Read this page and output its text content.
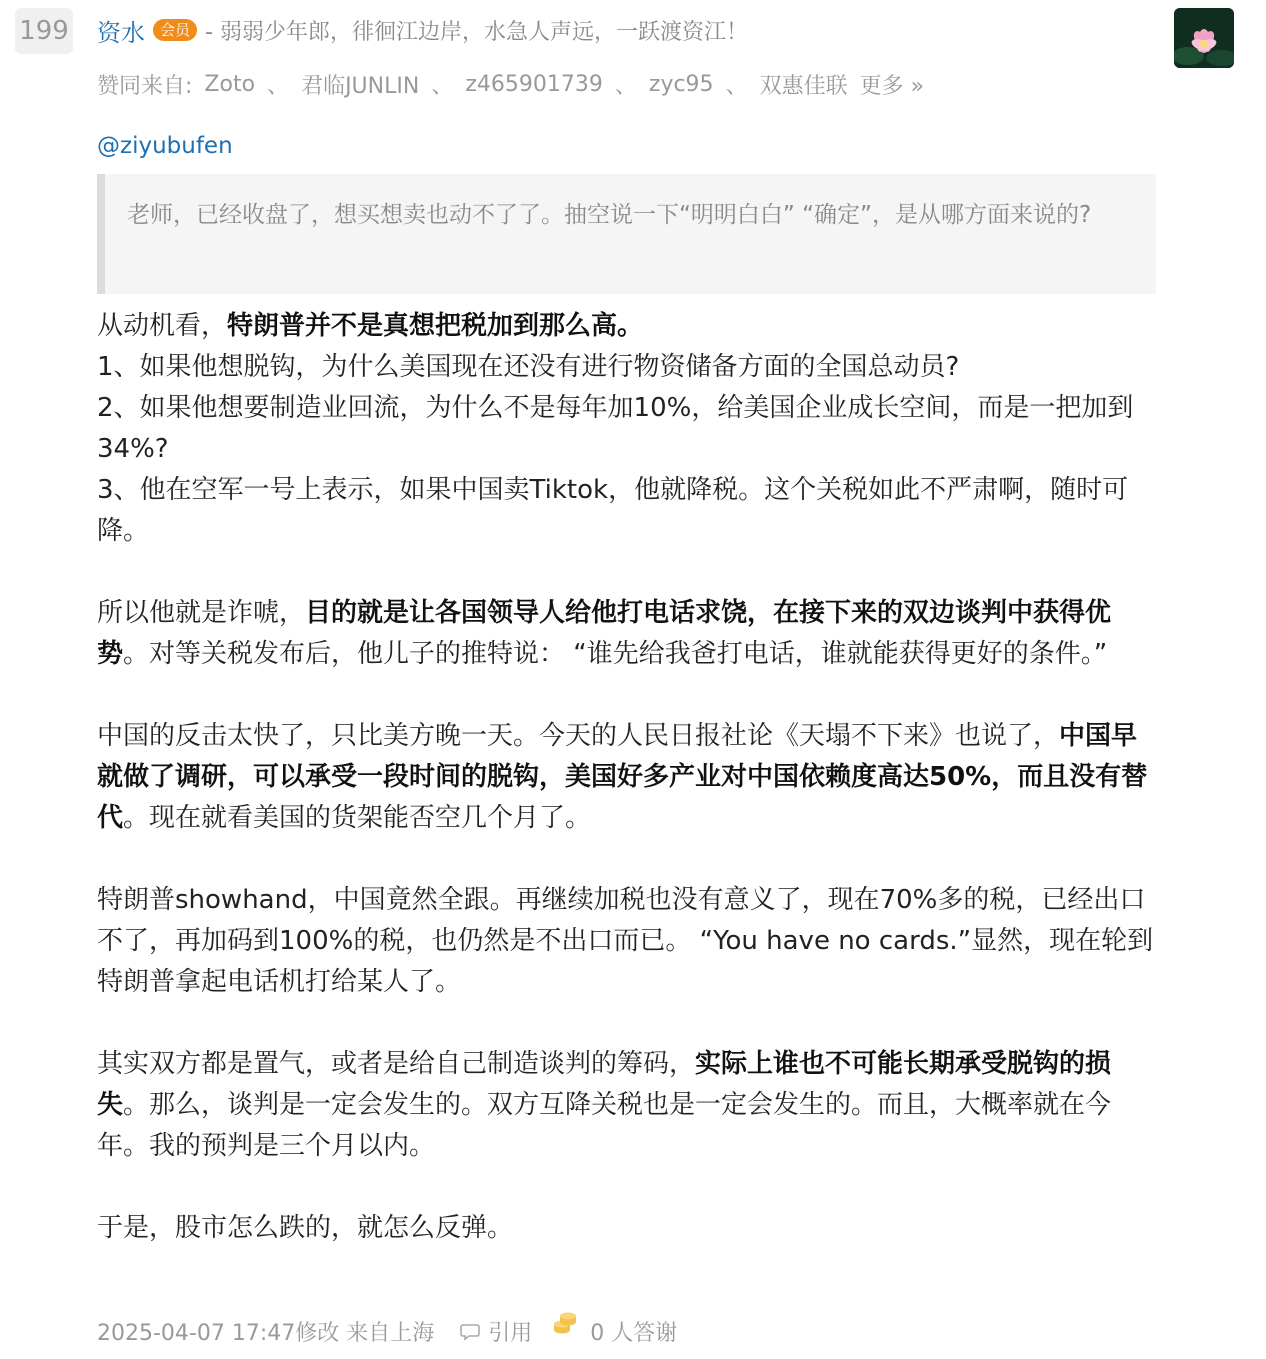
199 资水	会员 - 弱弱少年郎，徘徊江边岸，水急人声远，一跃渡资江！
赞同来自: Zoto 、 君临JUNLIN 、 z465901739 、 zyc95 、 双惠佳联 更多 »
@ziyubufen
老师，已经收盘了，想买想卖也动不了了。抽空说一下“明明白白” “确定”，是从哪方面来说的?

从动机看，特朗普并不是真想把税加到那么高。

1、如果他想脱钩，为什么美国现在还没有进行物资储备方面的全国总动员?

2、如果他想要制造业回流，为什么不是每年加10%，给美国企业成长空间，而是一把加到34%?

3、他在空军一号上表示，如果中国卖Tiktok，他就降税。这个关税如此不严肃啊，随时可降。

所以他就是诈唬，目的就是让各国领导人给他打电话求饶，在接下来的双边谈判中获得优势。对等关税发布后，他儿子的推特说： “谁先给我爸打电话，谁就能获得更好的条件。”

中国的反击太快了，只比美方晚一天。今天的人民日报社论《天塌不下来》也说了，中国早就做了调研，可以承受一段时间的脱钩，美国好多产业对中国依赖度高达50%，而且没有替代。现在就看美国的货架能否空几个月了。

特朗普showhand，中国竟然全跟。再继续加税也没有意义了，现在70%多的税，已经出口不了，再加码到100%的税，也仍然是不出口而已。 “You have no cards.”显然，现在轮到特朗普拿起电话机打给某人了。

其实双方都是置气，或者是给自己制造谈判的筹码，实际上谁也不可能长期承受脱钩的损失。那么，谈判是一定会发生的。双方互降关税也是一定会发生的。而且，大概率就在今年。我的预判是三个月以内。

于是，股市怎么跌的，就怎么反弹。

2025-04-07 17:47修改 来自上海 引用	0 人答谢
